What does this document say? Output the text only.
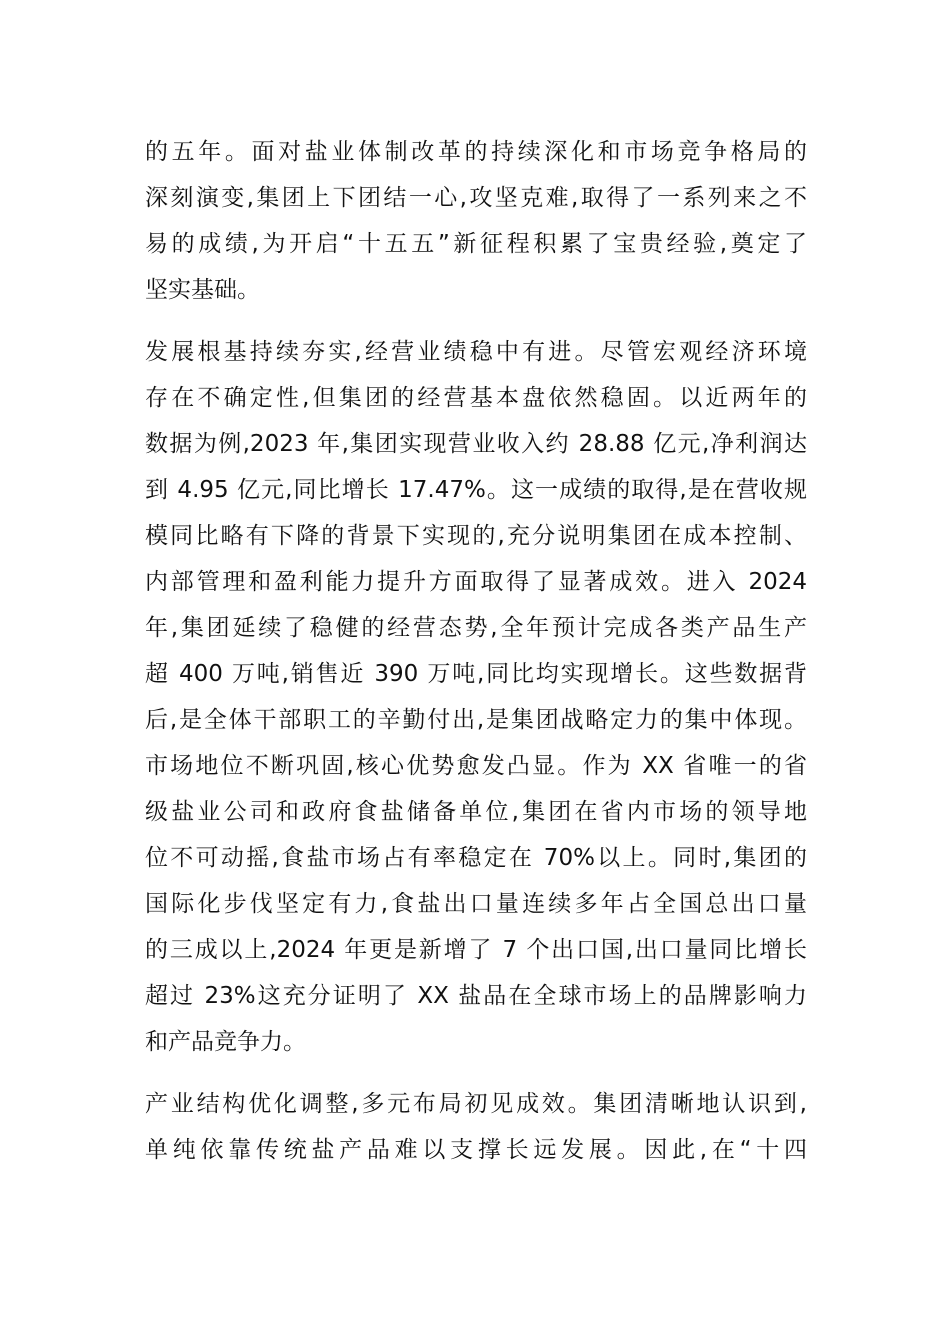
的五年。面对盐业体制改革的持续深化和市场竞争格局的
深刻演变,集团上下团结一心,攻坚克难,取得了一系列来之不
易的成绩,为开启“十五五”新征程积累了宝贵经验,奠定了
坚实基础。
发展根基持续夯实,经营业绩稳中有进。尽管宏观经济环境
存在不确定性,但集团的经营基本盘依然稳固。以近两年的
数据为例,2023 年,集团实现营业收入约 28.88 亿元,净利润达
到 4.95 亿元,同比增长 17.47%。这一成绩的取得,是在营收规
模同比略有下降的背景下实现的,充分说明集团在成本控制、
内部管理和盈利能力提升方面取得了显著成效。进入 2024
年,集团延续了稳健的经营态势,全年预计完成各类产品生产
超 400 万吨,销售近 390 万吨,同比均实现增长。这些数据背
后,是全体干部职工的辛勤付出,是集团战略定力的集中体现。
市场地位不断巩固,核心优势愈发凸显。作为 XX 省唯一的省
级盐业公司和政府食盐储备单位,集团在省内市场的领导地
位不可动摇,食盐市场占有率稳定在 70%以上。同时,集团的
国际化步伐坚定有力,食盐出口量连续多年占全国总出口量
的三成以上,2024 年更是新增了 7 个出口国,出口量同比增长
超过 23%这充分证明了 XX 盐品在全球市场上的品牌影响力
和产品竞争力。
产业结构优化调整,多元布局初见成效。集团清晰地认识到,
单纯依靠传统盐产品难以支撑长远发展。因此,在“十四
